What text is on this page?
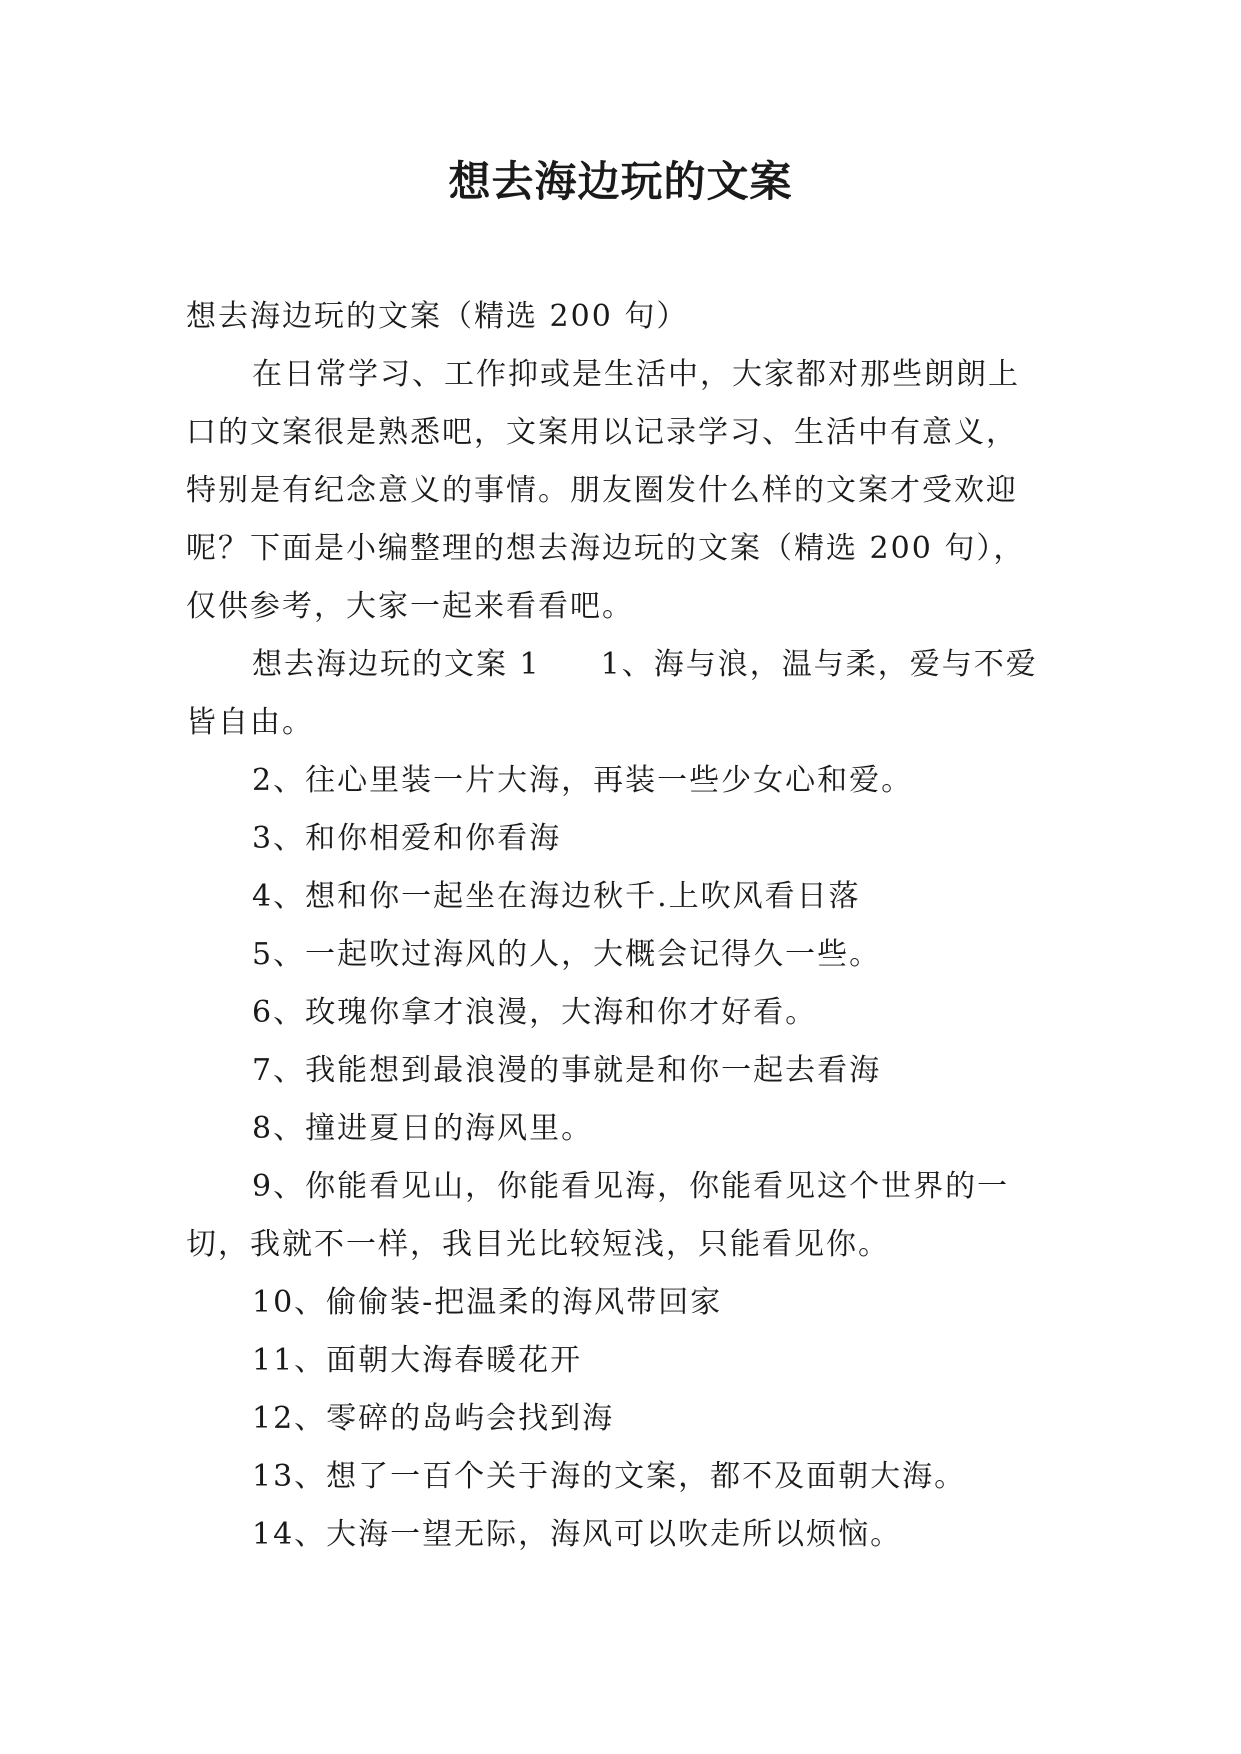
想去海边玩的文案
想去海边玩的文案（精选 200 句）
在日常学习、工作抑或是生活中，大家都对那些朗朗上
口的文案很是熟悉吧，文案用以记录学习、生活中有意义，
特别是有纪念意义的事情。朋友圈发什么样的文案才受欢迎
呢？下面是小编整理的想去海边玩的文案（精选 200 句），
仅供参考，大家一起来看看吧。
想去海边玩的文案 1 1、海与浪，温与柔，爱与不爱
皆自由。
2、往心里装一片大海，再装一些少女心和爱。
3、和你相爱和你看海
4、想和你一起坐在海边秋千.上吹风看日落
5、一起吹过海风的人，大概会记得久一些。
6、玫瑰你拿才浪漫，大海和你才好看。
7、我能想到最浪漫的事就是和你一起去看海
8、撞进夏日的海风里。
9、你能看见山，你能看见海，你能看见这个世界的一
切，我就不一样，我目光比较短浅，只能看见你。
10、偷偷装-把温柔的海风带回家
11、面朝大海春暖花开
12、零碎的岛屿会找到海
13、想了一百个关于海的文案，都不及面朝大海。
14、大海一望无际，海风可以吹走所以烦恼。
